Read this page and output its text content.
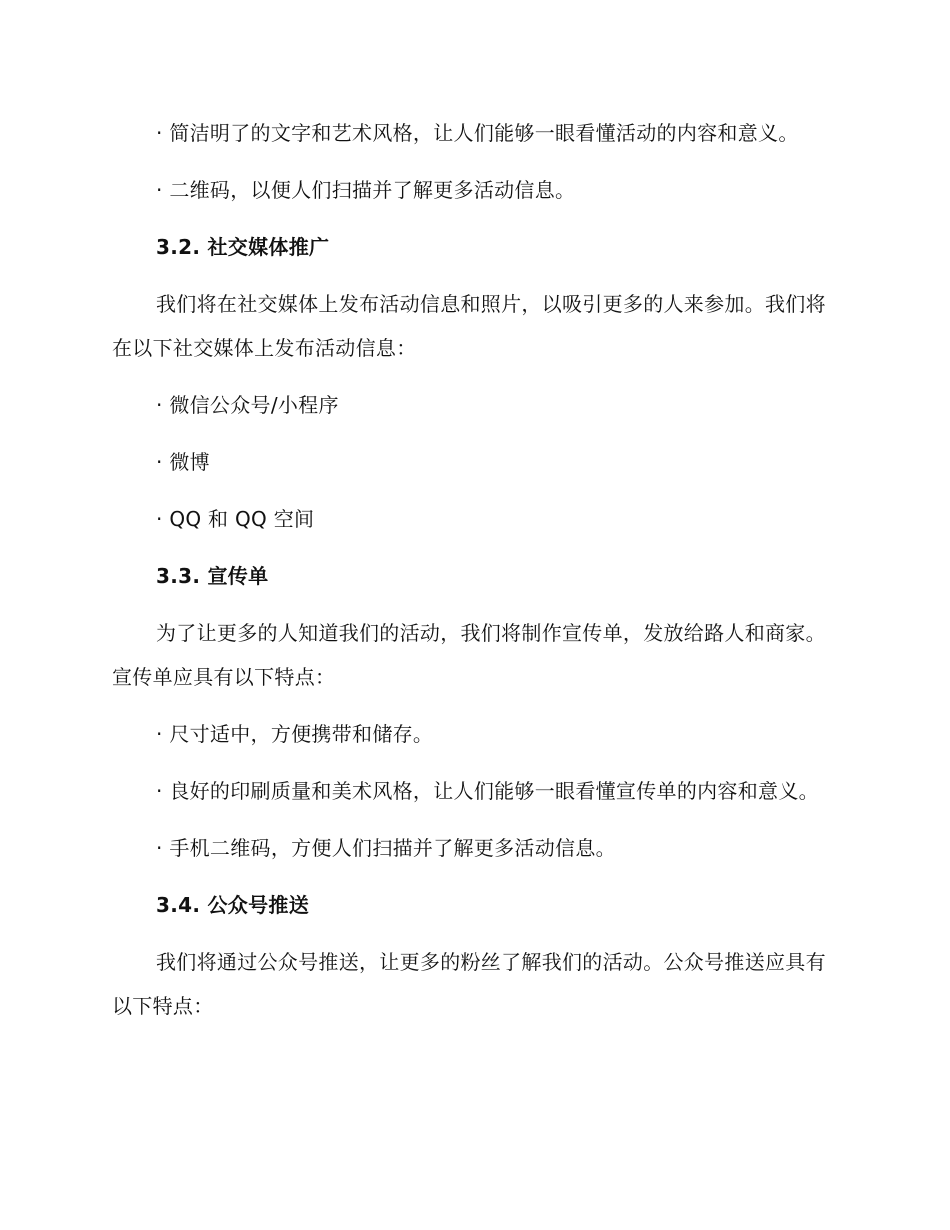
· 简洁明了的文字和艺术风格，让人们能够一眼看懂活动的内容和意义。

· 二维码，以便人们扫描并了解更多活动信息。

3.2. 社交媒体推广

我们将在社交媒体上发布活动信息和照片，以吸引更多的人来参加。我们将在以下社交媒体上发布活动信息：

· 微信公众号/小程序

· 微博

· QQ 和 QQ 空间

3.3. 宣传单

为了让更多的人知道我们的活动，我们将制作宣传单，发放给路人和商家。宣传单应具有以下特点：

· 尺寸适中，方便携带和储存。

· 良好的印刷质量和美术风格，让人们能够一眼看懂宣传单的内容和意义。

· 手机二维码，方便人们扫描并了解更多活动信息。

3.4. 公众号推送

我们将通过公众号推送，让更多的粉丝了解我们的活动。公众号推送应具有以下特点：
